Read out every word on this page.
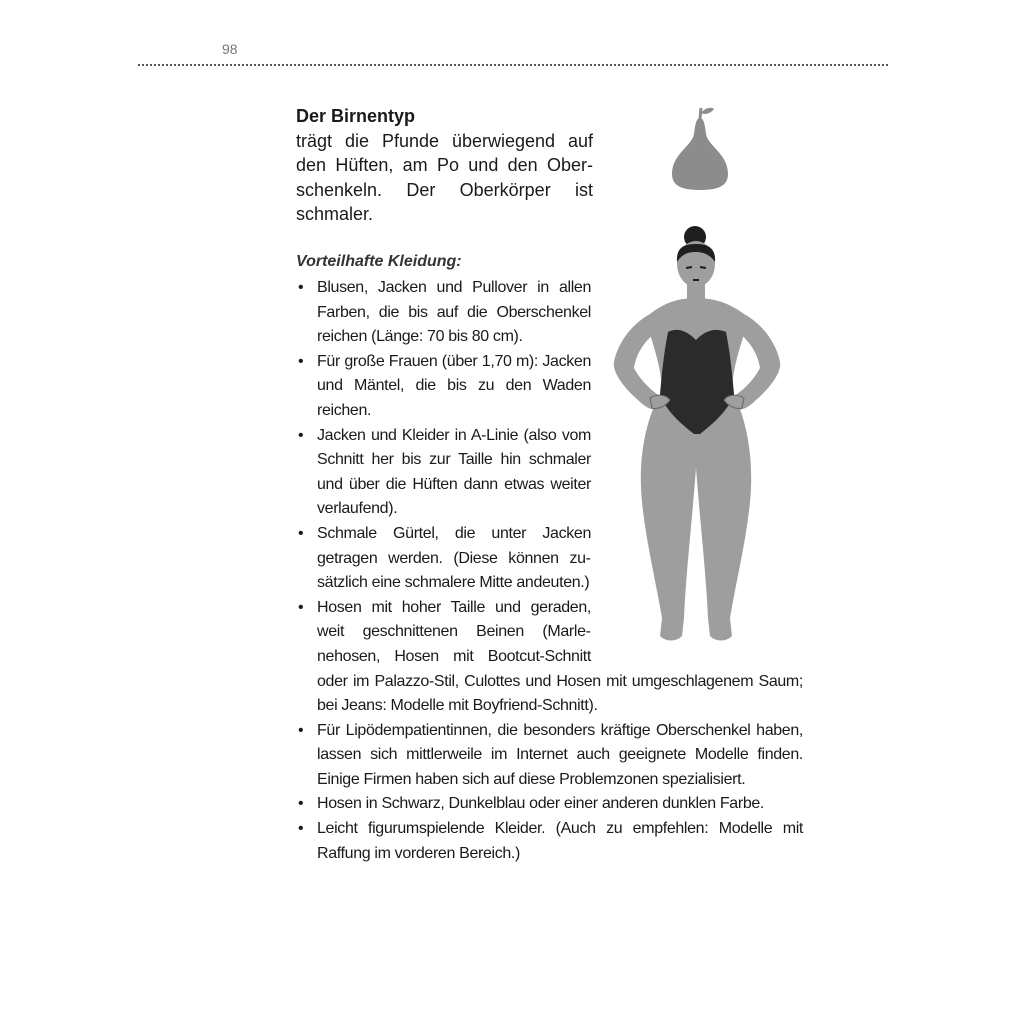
98
Der Birnentyp
trägt die Pfunde überwiegend auf den Hüften, am Po und den Oberschenkeln. Der Oberkörper ist schmaler.
Vorteilhafte Kleidung:
• Blusen, Jacken und Pullover in allen Farben, die bis auf die Oberschenkel reichen (Länge: 70 bis 80 cm).
• Für große Frauen (über 1,70 m): Jacken und Mäntel, die bis zu den Waden reichen.
• Jacken und Kleider in A-Linie (also vom Schnitt her bis zur Taille hin schmaler und über die Hüften dann etwas weiter verlaufend).
• Schmale Gürtel, die unter Jacken getragen werden. (Diese können zusätzlich eine schmalere Mitte andeuten.)
• Hosen mit hoher Taille und geraden, weit geschnittenen Beinen (Marlenehosen, Hosen mit Bootcut-Schnitt oder im Palazzo-Stil, Culottes und Hosen mit umgeschlagenem Saum; bei Jeans: Modelle mit Boyfriend-Schnitt).
• Für Lipödempatientinnen, die besonders kräftige Oberschenkel haben, lassen sich mittlerweile im Internet auch geeignete Modelle finden. Einige Firmen haben sich auf diese Problemzonen spezialisiert.
• Hosen in Schwarz, Dunkelblau oder einer anderen dunklen Farbe.
• Leicht figurumspielende Kleider. (Auch zu empfehlen: Modelle mit Raffung im vorderen Bereich.)
